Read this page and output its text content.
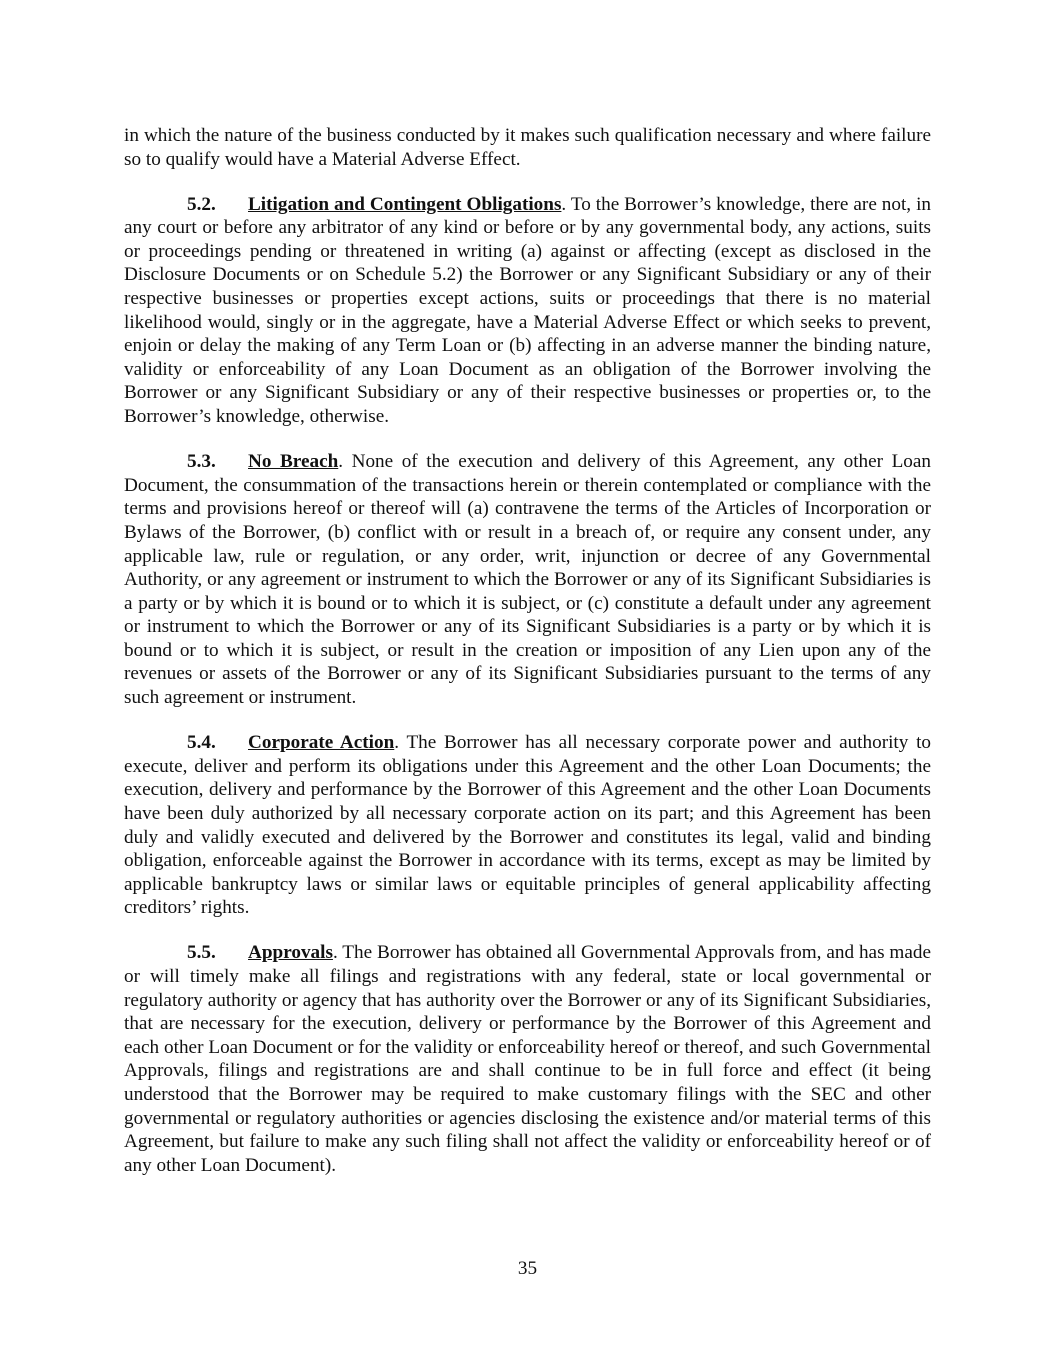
in which the nature of the business conducted by it makes such qualification necessary and where failure so to qualify would have a Material Adverse Effect.

5.2. Litigation and Contingent Obligations. To the Borrower’s knowledge, there are not, in any court or before any arbitrator of any kind or before or by any governmental body, any actions, suits or proceedings pending or threatened in writing (a) against or affecting (except as disclosed in the Disclosure Documents or on Schedule 5.2) the Borrower or any Significant Subsidiary or any of their respective businesses or properties except actions, suits or proceedings that there is no material likelihood would, singly or in the aggregate, have a Material Adverse Effect or which seeks to prevent, enjoin or delay the making of any Term Loan or (b) affecting in an adverse manner the binding nature, validity or enforceability of any Loan Document as an obligation of the Borrower involving the Borrower or any Significant Subsidiary or any of their respective businesses or properties or, to the Borrower’s knowledge, otherwise.

5.3. No Breach. None of the execution and delivery of this Agreement, any other Loan Document, the consummation of the transactions herein or therein contemplated or compliance with the terms and provisions hereof or thereof will (a) contravene the terms of the Articles of Incorporation or Bylaws of the Borrower, (b) conflict with or result in a breach of, or require any consent under, any applicable law, rule or regulation, or any order, writ, injunction or decree of any Governmental Authority, or any agreement or instrument to which the Borrower or any of its Significant Subsidiaries is a party or by which it is bound or to which it is subject, or (c) constitute a default under any agreement or instrument to which the Borrower or any of its Significant Subsidiaries is a party or by which it is bound or to which it is subject, or result in the creation or imposition of any Lien upon any of the revenues or assets of the Borrower or any of its Significant Subsidiaries pursuant to the terms of any such agreement or instrument.

5.4. Corporate Action. The Borrower has all necessary corporate power and authority to execute, deliver and perform its obligations under this Agreement and the other Loan Documents; the execution, delivery and performance by the Borrower of this Agreement and the other Loan Documents have been duly authorized by all necessary corporate action on its part; and this Agreement has been duly and validly executed and delivered by the Borrower and constitutes its legal, valid and binding obligation, enforceable against the Borrower in accordance with its terms, except as may be limited by applicable bankruptcy laws or similar laws or equitable principles of general applicability affecting creditors’ rights.

5.5. Approvals. The Borrower has obtained all Governmental Approvals from, and has made or will timely make all filings and registrations with any federal, state or local governmental or regulatory authority or agency that has authority over the Borrower or any of its Significant Subsidiaries, that are necessary for the execution, delivery or performance by the Borrower of this Agreement and each other Loan Document or for the validity or enforceability hereof or thereof, and such Governmental Approvals, filings and registrations are and shall continue to be in full force and effect (it being understood that the Borrower may be required to make customary filings with the SEC and other governmental or regulatory authorities or agencies disclosing the existence and/or material terms of this Agreement, but failure to make any such filing shall not affect the validity or enforceability hereof or of any other Loan Document).

35
